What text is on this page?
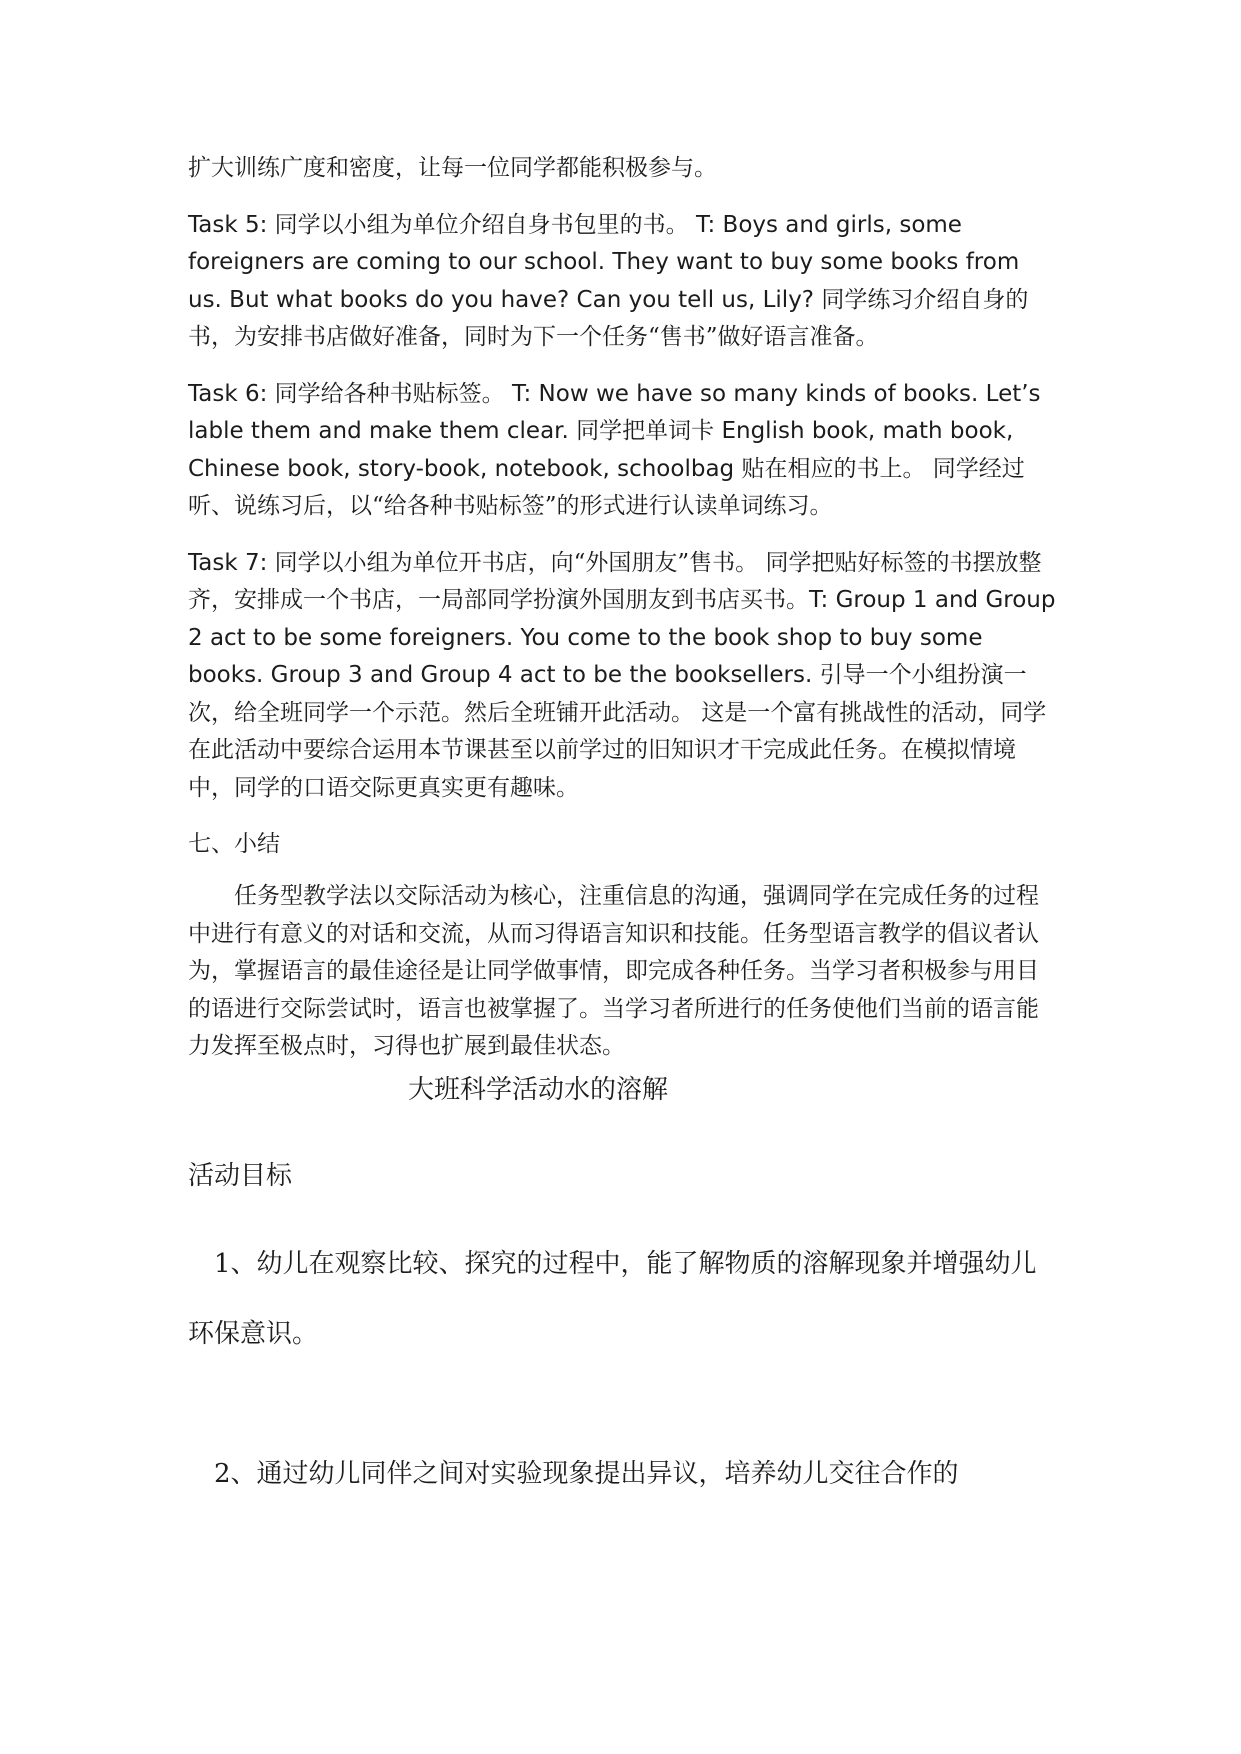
扩大训练广度和密度，让每一位同学都能积极参与。

Task 5: 同学以小组为单位介绍自身书包里的书。 T: Boys and girls, some foreigners are coming to our school. They want to buy some books from us. But what books do you have? Can you tell us, Lily? 同学练习介绍自身的书，为安排书店做好准备，同时为下一个任务“售书”做好语言准备。

Task 6: 同学给各种书贴标签。 T: Now we have so many kinds of books. Let’s lable them and make them clear. 同学把单词卡 English book, math book, Chinese book, story-book, notebook, schoolbag 贴在相应的书上。 同学经过听、说练习后，以“给各种书贴标签”的形式进行认读单词练习。

Task 7: 同学以小组为单位开书店，向“外国朋友”售书。 同学把贴好标签的书摆放整齐，安排成一个书店，一局部同学扮演外国朋友到书店买书。T: Group 1 and Group 2 act to be some foreigners. You come to the book shop to buy some books. Group 3 and Group 4 act to be the booksellers. 引导一个小组扮演一次，给全班同学一个示范。然后全班铺开此活动。 这是一个富有挑战性的活动，同学在此活动中要综合运用本节课甚至以前学过的旧知识才干完成此任务。在模拟情境中，同学的口语交际更真实更有趣味。

七、小结

任务型教学法以交际活动为核心，注重信息的沟通，强调同学在完成任务的过程中进行有意义的对话和交流，从而习得语言知识和技能。任务型语言教学的倡议者认为，掌握语言的最佳途径是让同学做事情，即完成各种任务。当学习者积极参与用目的语进行交际尝试时，语言也被掌握了。当学习者所进行的任务使他们当前的语言能力发挥至极点时，习得也扩展到最佳状态。

大班科学活动水的溶解

活动目标

1、幼儿在观察比较、探究的过程中，能了解物质的溶解现象并增强幼儿环保意识。

2、通过幼儿同伴之间对实验现象提出异议，培养幼儿交往合作的
